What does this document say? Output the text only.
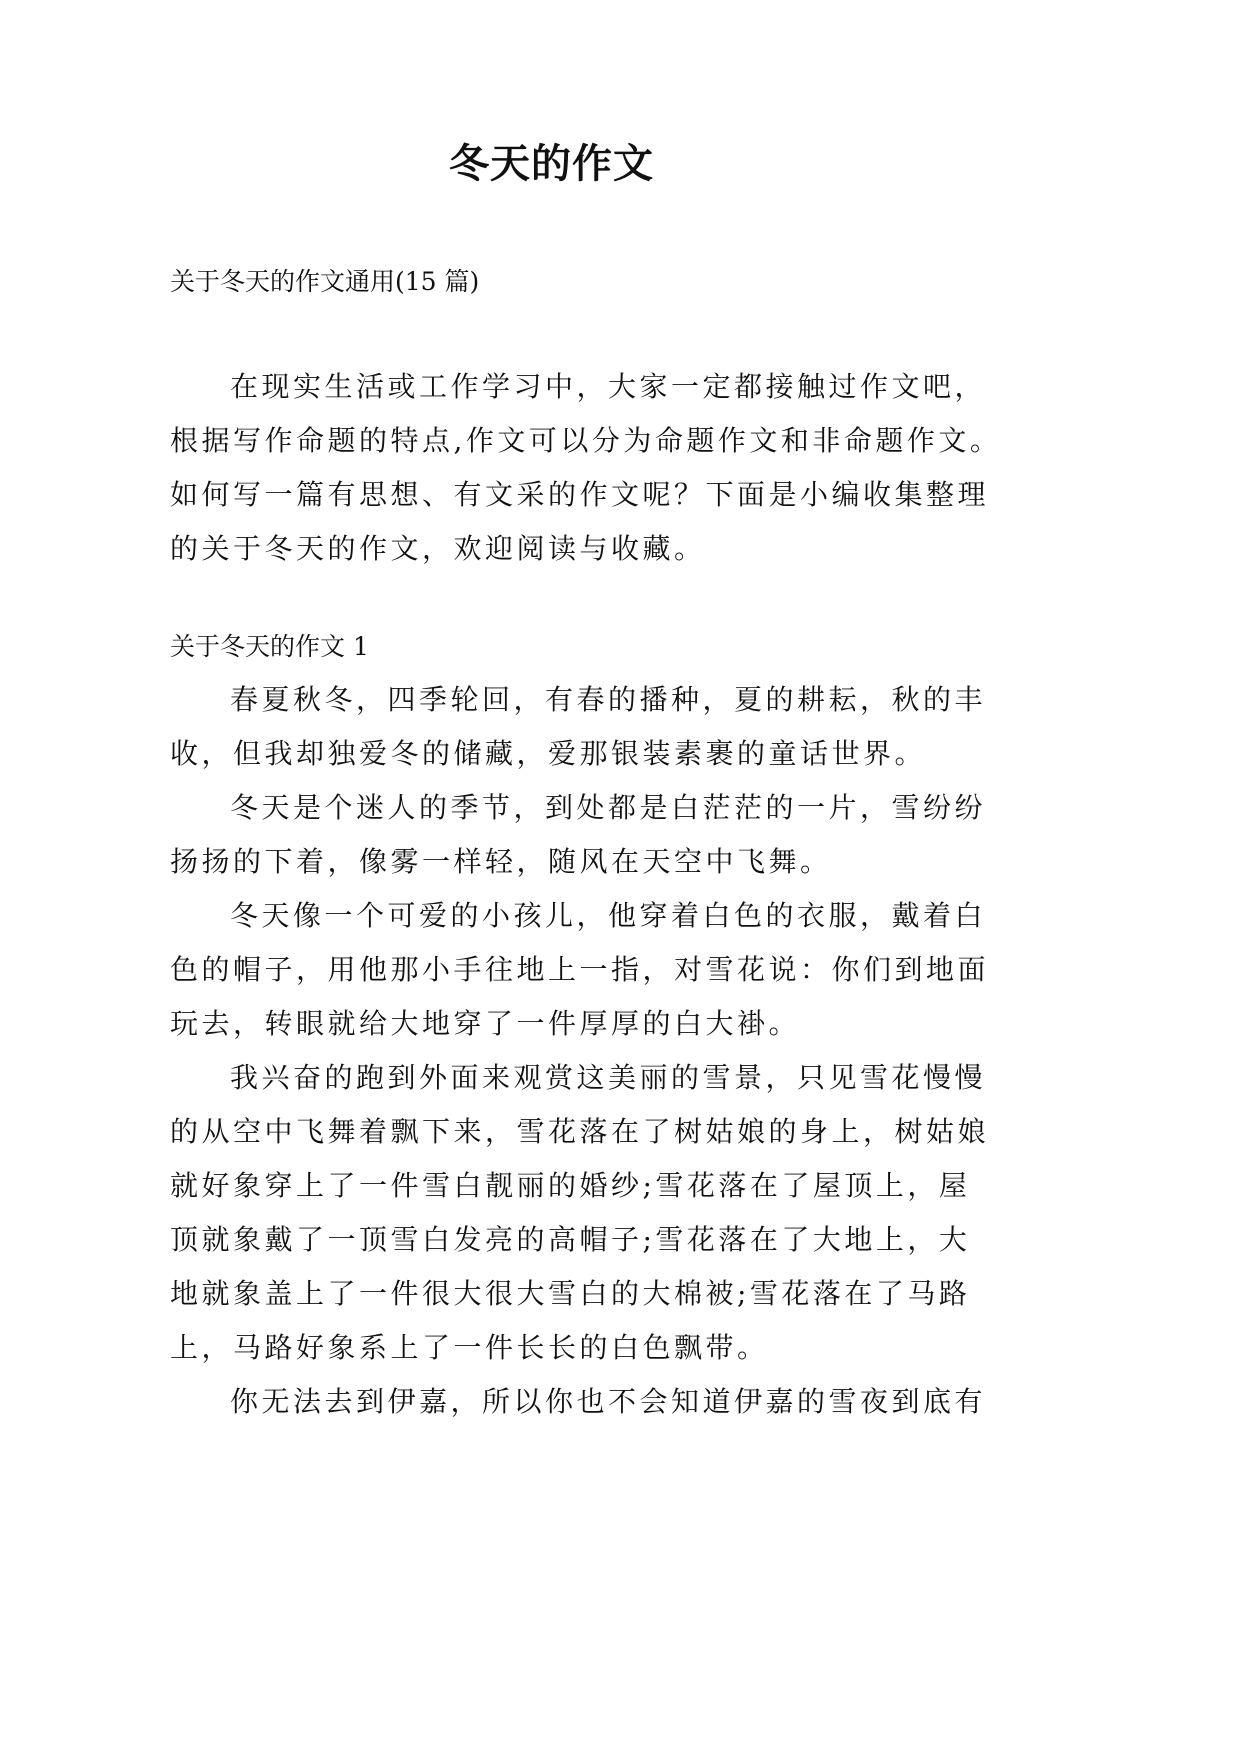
冬天的作文
关于冬天的作文通用(15 篇)
在现实生活或工作学习中，大家一定都接触过作文吧，
根据写作命题的特点,作文可以分为命题作文和非命题作文。
如何写一篇有思想、有文采的作文呢？下面是小编收集整理
的关于冬天的作文，欢迎阅读与收藏。
关于冬天的作文 1
春夏秋冬，四季轮回，有春的播种，夏的耕耘，秋的丰
收，但我却独爱冬的储藏，爱那银装素裹的童话世界。
冬天是个迷人的季节，到处都是白茫茫的一片，雪纷纷
扬扬的下着，像雾一样轻，随风在天空中飞舞。
冬天像一个可爱的小孩儿，他穿着白色的衣服，戴着白
色的帽子，用他那小手往地上一指，对雪花说：你们到地面
玩去，转眼就给大地穿了一件厚厚的白大褂。
我兴奋的跑到外面来观赏这美丽的雪景，只见雪花慢慢
的从空中飞舞着飘下来，雪花落在了树姑娘的身上，树姑娘
就好象穿上了一件雪白靓丽的婚纱;雪花落在了屋顶上，屋
顶就象戴了一顶雪白发亮的高帽子;雪花落在了大地上，大
地就象盖上了一件很大很大雪白的大棉被;雪花落在了马路
上，马路好象系上了一件长长的白色飘带。
你无法去到伊嘉，所以你也不会知道伊嘉的雪夜到底有
